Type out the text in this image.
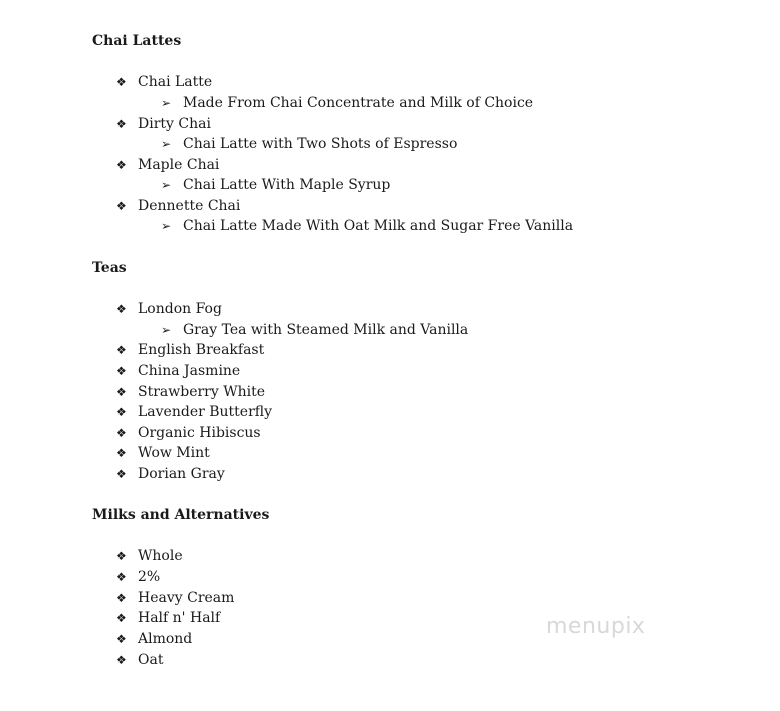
Chai Lattes
❖ Chai Latte
➢ Made From Chai Concentrate and Milk of Choice
❖ Dirty Chai
➢ Chai Latte with Two Shots of Espresso
❖ Maple Chai
➢ Chai Latte With Maple Syrup
❖ Dennette Chai
➢ Chai Latte Made With Oat Milk and Sugar Free Vanilla
Teas
❖ London Fog
➢ Gray Tea with Steamed Milk and Vanilla
❖ English Breakfast
❖ China Jasmine
❖ Strawberry White
❖ Lavender Butterfly
❖ Organic Hibiscus
❖ Wow Mint
❖ Dorian Gray
Milks and Alternatives
❖ Whole
❖ 2%
❖ Heavy Cream
❖ Half n' Half
❖ Almond
❖ Oat
menupix
